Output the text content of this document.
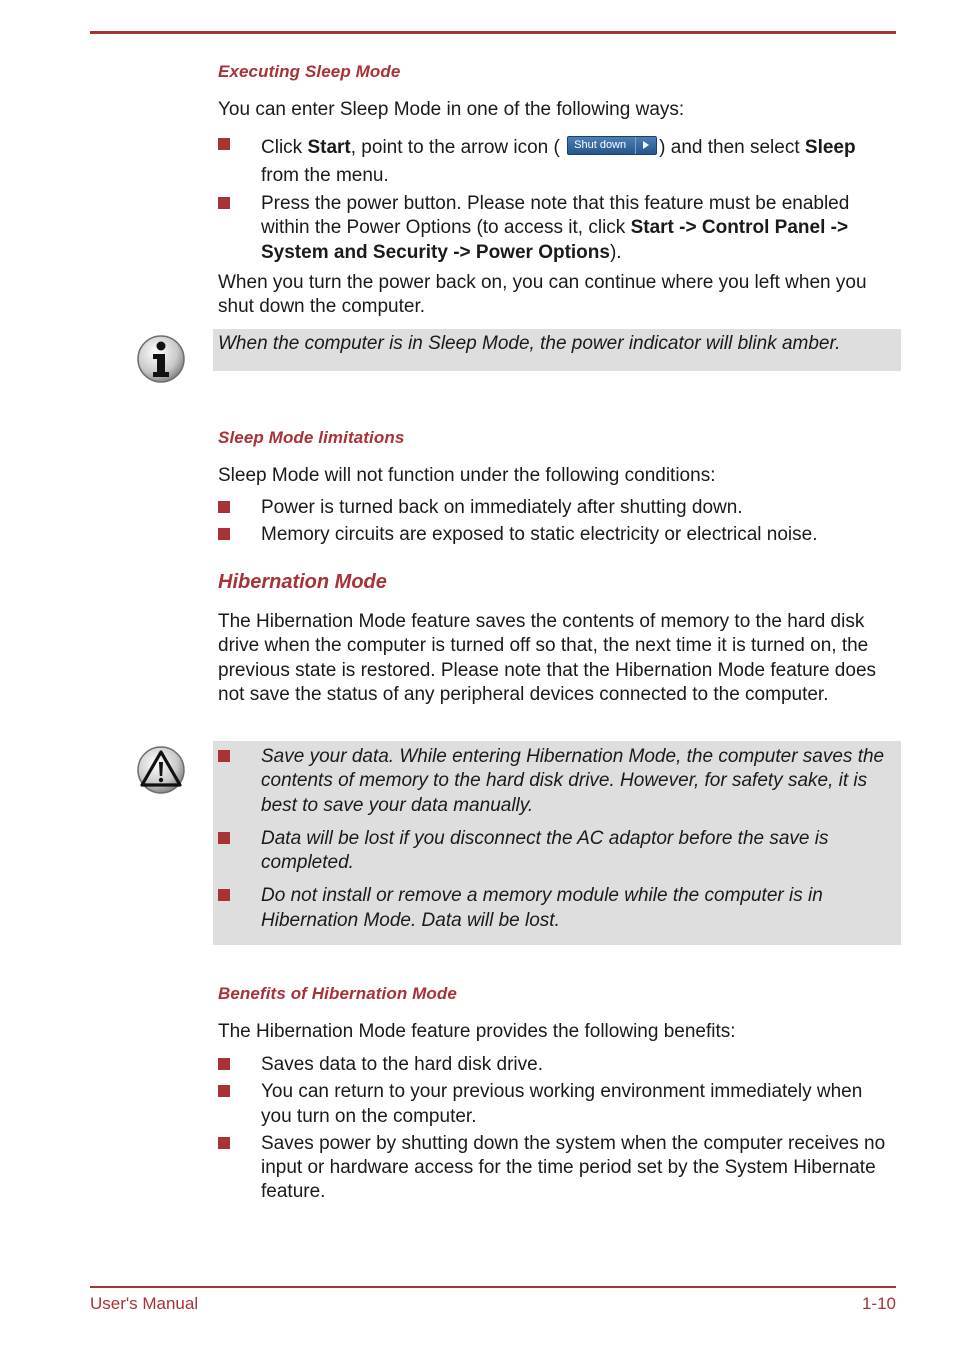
Executing Sleep Mode

You can enter Sleep Mode in one of the following ways:

Click Start, point to the arrow icon ( Shut down ) and then select Sleep from the menu.
Press the power button. Please note that this feature must be enabled within the Power Options (to access it, click Start -> Control Panel -> System and Security -> Power Options).

When you turn the power back on, you can continue where you left when you shut down the computer.

When the computer is in Sleep Mode, the power indicator will blink amber.

Sleep Mode limitations

Sleep Mode will not function under the following conditions:

Power is turned back on immediately after shutting down.
Memory circuits are exposed to static electricity or electrical noise.
Hibernation Mode

The Hibernation Mode feature saves the contents of memory to the hard disk drive when the computer is turned off so that, the next time it is turned on, the previous state is restored. Please note that the Hibernation Mode feature does not save the status of any peripheral devices connected to the computer.

Save your data. While entering Hibernation Mode, the computer saves the contents of memory to the hard disk drive. However, for safety sake, it is best to save your data manually.
Data will be lost if you disconnect the AC adaptor before the save is completed.
Do not install or remove a memory module while the computer is in Hibernation Mode. Data will be lost.
Benefits of Hibernation Mode

The Hibernation Mode feature provides the following benefits:

Saves data to the hard disk drive.
You can return to your previous working environment immediately when you turn on the computer.
Saves power by shutting down the system when the computer receives no input or hardware access for the time period set by the System Hibernate feature.
User's Manual	1-10
